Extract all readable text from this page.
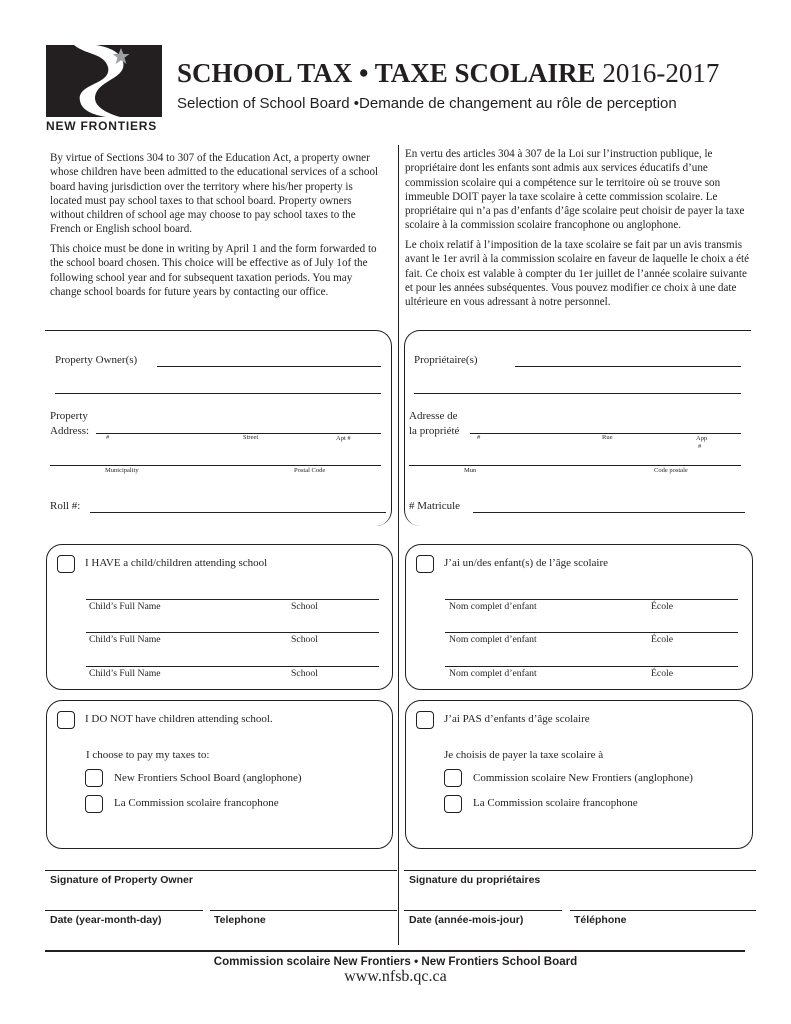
NEW FRONTIERS
SCHOOL TAX • TAXE SCOLAIRE 2016-2017
Selection of School Board •Demande de changement au rôle de perception
By virtue of Sections 304 to 307 of the Education Act, a property owner whose children have been admitted to the educational services of a school board having jurisdiction over the territory where his/her property is located must pay school taxes to that school board. Property owners without children of school age may choose to pay school taxes to the French or English school board.
This choice must be done in writing by April 1 and the form forwarded to the school board chosen. This choice will be effective as of July 1of the following school year and for subsequent taxation periods. You may change school boards for future years by contacting our office.
En vertu des articles 304 à 307 de la Loi sur l’instruction publique, le propriétaire dont les enfants sont admis aux services éducatifs d’une commission scolaire qui a compétence sur le territoire où se trouve son immeuble DOIT payer la taxe scolaire à cette commission scolaire. Le propriétaire qui n’a pas d’enfants d’âge scolaire peut choisir de payer la taxe scolaire à la commission scolaire francophone ou anglophone.
Le choix relatif à l’imposition de la taxe scolaire se fait par un avis transmis avant le 1er avril à la commission scolaire en faveur de laquelle le choix a été fait. Ce choix est valable à compter du 1er juillet de l’année scolaire suivante et pour les années subséquentes. Vous pouvez modifier ce choix à une date ultérieure en vous adressant à notre personnel.
Property Owner(s)
Property
Address:
#	Street	Apt #
Municipality	Postal Code
Roll #:
Propriétaire(s)
Adresse de
la propriété
#	Rue	App
#
Mun	Code postale
# Matricule
I HAVE a child/children attending school
Child’s Full Name	School
Child’s Full Name	School
Child’s Full Name	School
J’ai un/des enfant(s) de l’âge scolaire
Nom complet d’enfant	École
Nom complet d’enfant	École
Nom complet d’enfant	École
I DO NOT have children attending school.
I choose to pay my taxes to:
New Frontiers School Board (anglophone)
La Commission scolaire francophone
J’ai PAS d’enfants d’âge scolaire
Je choisis de payer la taxe scolaire à
Commission scolaire New Frontiers (anglophone)
La Commission scolaire francophone
Signature of Property Owner
Date (year-month-day)	Telephone
Signature du propriétaires
Date (année-mois-jour)	Téléphone
Commission scolaire New Frontiers • New Frontiers School Board
www.nfsb.qc.ca
